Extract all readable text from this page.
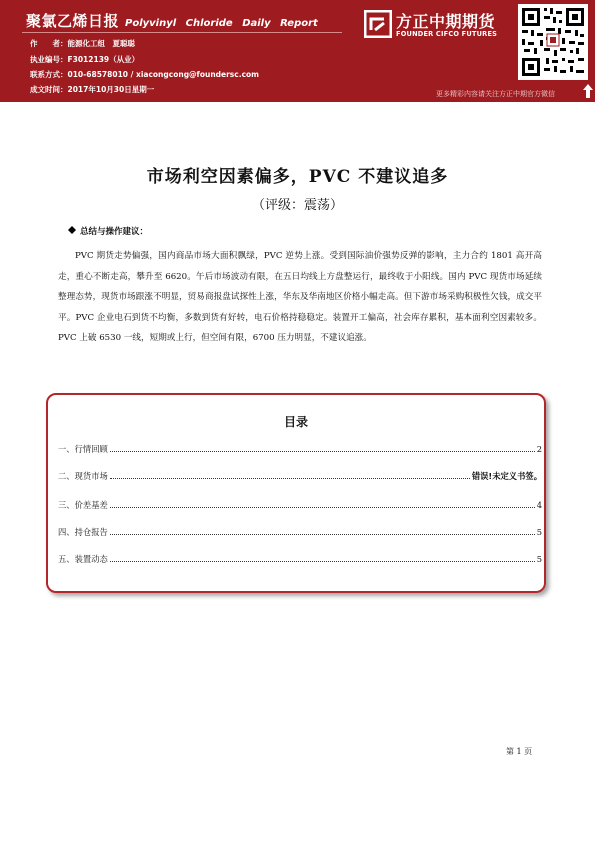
聚氯乙烯日报 Polyvinyl Chloride Daily Report
作　　者：能源化工组　夏聪聪
执业编号：F3012139（从业）
联系方式：010-68578010 / xiacongcong@foundersc.com
成文时间：2017年10月30日星期一
方正中期期货
FOUNDER CIFCO FUTURES
更多精彩内容请关注方正中期官方微信
市场利空因素偏多，PVC 不建议追多
（评级：震荡）
总结与操作建议：
PVC 期货走势偏强，国内商品市场大面积飘绿，PVC 逆势上涨。受到国际油价强势反弹的影响，主力合约 1801 高开高走，重心不断走高，攀升至 6620。午后市场波动有限，在五日均线上方盘整运行，最终收于小阳线。国内 PVC 现货市场延续整理态势，现货市场跟涨不明显，贸易商报盘试探性上涨，华东及华南地区价格小幅走高。但下游市场采购积极性欠钱，成交平平。PVC 企业电石到货不均衡，多数到货有好转，电石价格持稳稳定。装置开工偏高，社会库存累积，基本面利空因素较多。PVC 上破 6530 一线，短期或上行，但空间有限，6700 压力明显，不建议追涨。
目录
一、行情回顾	2
二、现货市场	错误!未定义书签。
三、价差基差	4
四、持仓报告	5
五、装置动态	5
第 1 页
